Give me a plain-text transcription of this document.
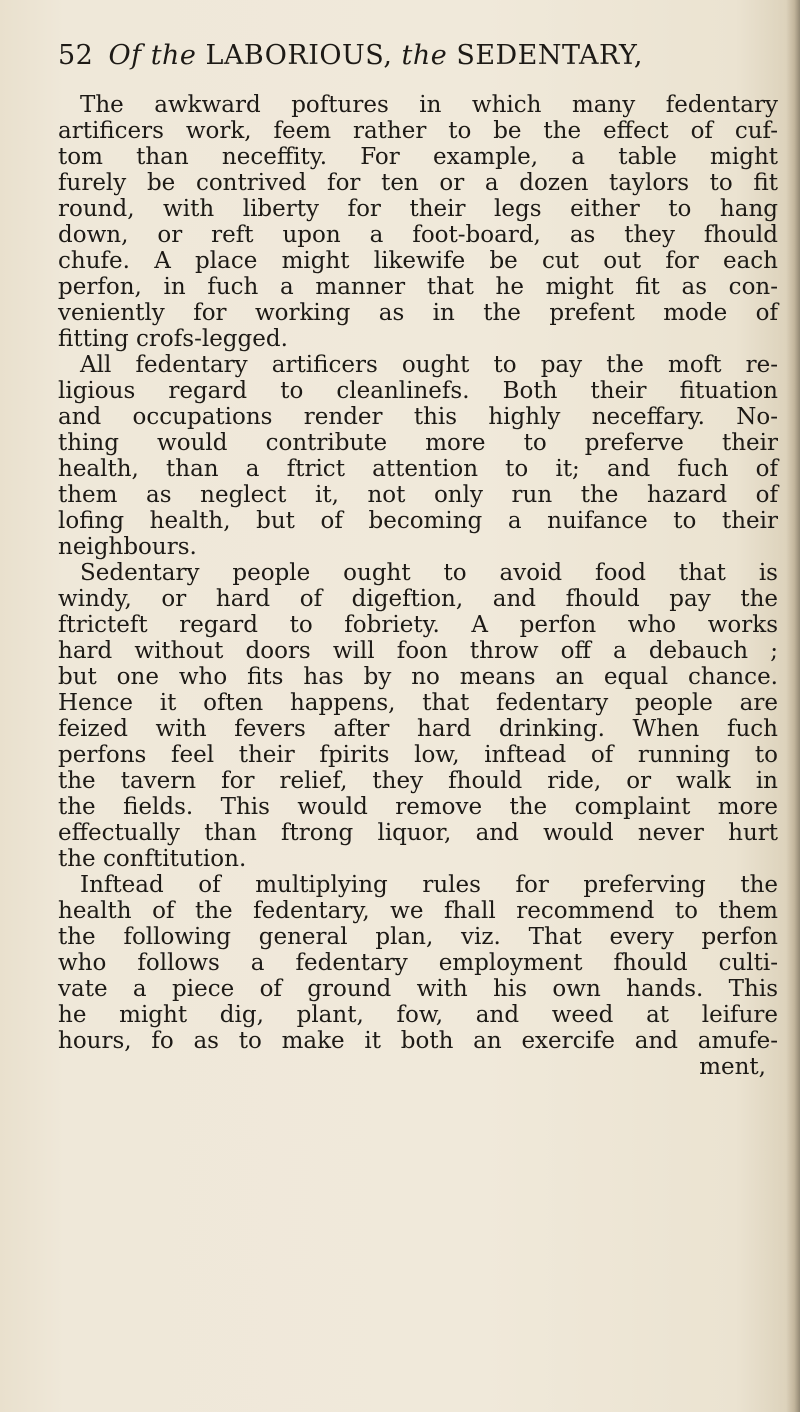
52 Of the LABORIOUS, the SEDENTARY,
The awkward poftures in which many fedentary
artificers work, feem rather to be the effect of cuf-
tom than neceffity. For example, a table might
furely be contrived for ten or a dozen taylors to fit
round, with liberty for their legs either to hang
down, or reft upon a foot-board, as they fhould
chufe. A place might likewife be cut out for each
perfon, in fuch a manner that he might fit as con-
veniently for working as in the prefent mode of
fitting crofs-legged.
All fedentary artificers ought to pay the moft re-
ligious regard to cleanlinefs. Both their fituation
and occupations render this highly neceffary. No-
thing would contribute more to preferve their
health, than a ftrict attention to it; and fuch of
them as neglect it, not only run the hazard of
lofing health, but of becoming a nuifance to their
neighbours.
Sedentary people ought to avoid food that is
windy, or hard of digeftion, and fhould pay the
ftricteft regard to fobriety. A perfon who works
hard without doors will foon throw off a debauch ;
but one who fits has by no means an equal chance.
Hence it often happens, that fedentary people are
feized with fevers after hard drinking. When fuch
perfons feel their fpirits low, inftead of running to
the tavern for relief, they fhould ride, or walk in
the fields. This would remove the complaint more
effectually than ftrong liquor, and would never hurt
the conftitution.
Inftead of multiplying rules for preferving the
health of the fedentary, we fhall recommend to them
the following general plan, viz. That every perfon
who follows a fedentary employment fhould culti-
vate a piece of ground with his own hands. This
he might dig, plant, fow, and weed at leifure
hours, fo as to make it both an exercife and amufe-
ment,
